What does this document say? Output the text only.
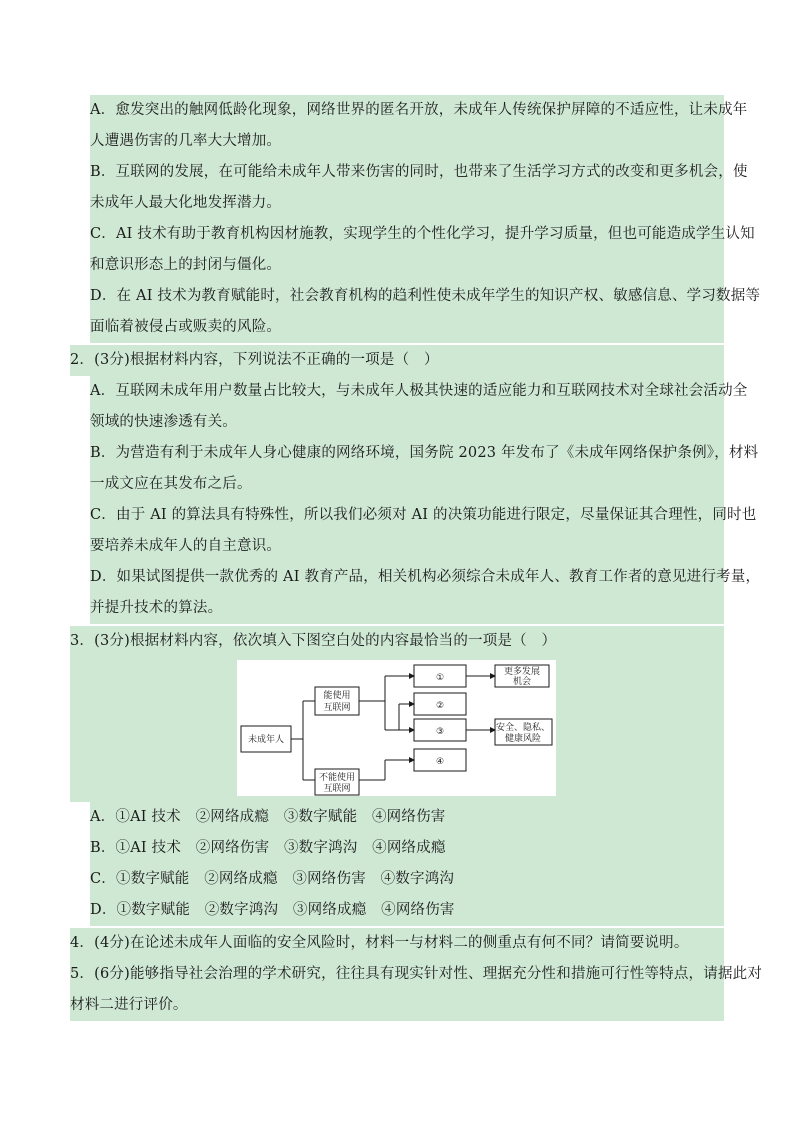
A．愈发突出的触网低龄化现象，网络世界的匿名开放，未成年人传统保护屏障的不适应性，让未成年
人遭遇伤害的几率大大增加。
B．互联网的发展，在可能给未成年人带来伤害的同时，也带来了生活学习方式的改变和更多机会，使
未成年人最大化地发挥潜力。
C．AI 技术有助于教育机构因材施教，实现学生的个性化学习，提升学习质量，但也可能造成学生认知
和意识形态上的封闭与僵化。
D．在 AI 技术为教育赋能时，社会教育机构的趋利性使未成年学生的知识产权、敏感信息、学习数据等
面临着被侵占或贩卖的风险。
2．(3分)根据材料内容，下列说法不正确的一项是（　）
A．互联网未成年用户数量占比较大，与未成年人极其快速的适应能力和互联网技术对全球社会活动全
领域的快速渗透有关。
B．为营造有利于未成年人身心健康的网络环境，国务院 2023 年发布了《未成年网络保护条例》，材料
一成文应在其发布之后。
C．由于 AI 的算法具有特殊性，所以我们必须对 AI 的决策功能进行限定，尽量保证其合理性，同时也
要培养未成年人的自主意识。
D．如果试图提供一款优秀的 AI 教育产品，相关机构必须综合未成年人、教育工作者的意见进行考量，
并提升技术的算法。
3．(3分)根据材料内容，依次填入下图空白处的内容最恰当的一项是（　）
未成年人
能使用
互联网
不能使用
互联网
①
②
③
④
更多发展
机会
安全、隐私、
健康风险
A．①AI 技术　②网络成瘾　③数字赋能　④网络伤害
B．①AI 技术　②网络伤害　③数字鸿沟　④网络成瘾
C．①数字赋能　②网络成瘾　③网络伤害　④数字鸿沟
D．①数字赋能　②数字鸿沟　③网络成瘾　④网络伤害
4．(4分)在论述未成年人面临的安全风险时，材料一与材料二的侧重点有何不同？请简要说明。
5．(6分)能够指导社会治理的学术研究，往往具有现实针对性、理据充分性和措施可行性等特点，请据此对
材料二进行评价。
